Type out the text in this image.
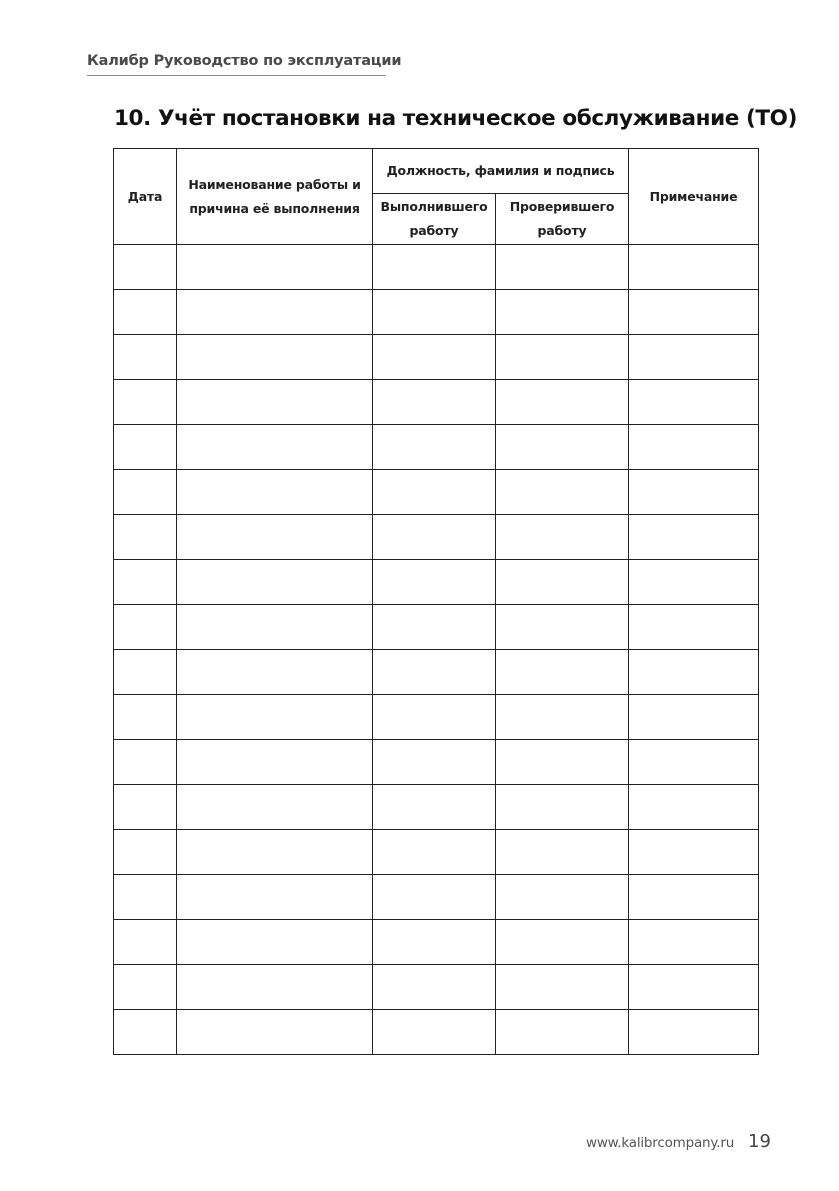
Калибр Руководство по эксплуатации
10. Учёт постановки на техническое обслуживание (ТО)
Дата	Наименование работы и причина её выполнения	Должность, фамилия и подпись		Примечание
		Выполнившего работу	Проверившего работу	

www.kalibrcompany.ru 19
